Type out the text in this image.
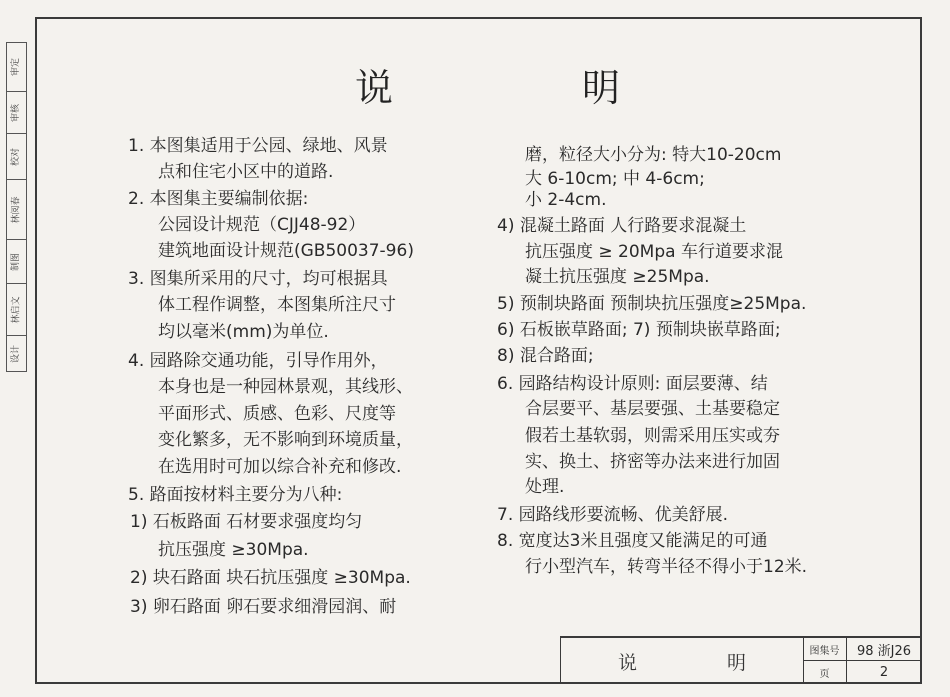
审定
审核
校对
林阅春
制图
林启文
设计
说	明
1. 本图集适用于公园、绿地、风景
点和住宅小区中的道路.
2. 本图集主要编制依据:
公园设计规范（CJJ48-92）
建筑地面设计规范(GB50037-96)
3. 图集所采用的尺寸，均可根据具
体工程作调整，本图集所注尺寸
均以毫米(mm)为单位.
4. 园路除交通功能，引导作用外，
本身也是一种园林景观，其线形、
平面形式、质感、色彩、尺度等
变化繁多，无不影响到环境质量，
在选用时可加以综合补充和修改.
5. 路面按材料主要分为八种:
1) 石板路面 石材要求强度均匀
抗压强度 ≥30Mpa.
2) 块石路面 块石抗压强度 ≥30Mpa.
3) 卵石路面 卵石要求细滑园润、耐
磨，粒径大小分为: 特大10-20cm
大 6-10cm; 中 4-6cm;
小 2-4cm.
4) 混凝土路面 人行路要求混凝土
抗压强度 ≥ 20Mpa 车行道要求混
凝土抗压强度 ≥25Mpa.
5) 预制块路面 预制块抗压强度≥25Mpa.
6) 石板嵌草路面; 7) 预制块嵌草路面;
8) 混合路面;
6. 园路结构设计原则: 面层要薄、结
合层要平、基层要强、土基要稳定
假若土基软弱，则需采用压实或夯
实、换土、挤密等办法来进行加固
处理.
7. 园路线形要流畅、优美舒展.
8. 宽度达3米且强度又能满足的可通
行小型汽车，转弯半径不得小于12米.
说	明
图集号	98 浙J26
页	2
